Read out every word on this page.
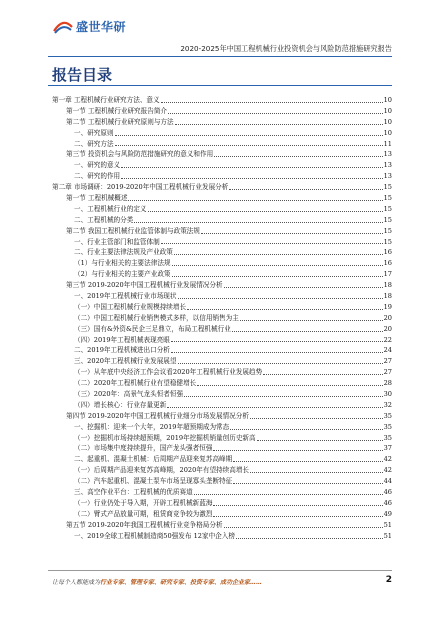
盛世华研
2020-2025年中国工程机械行业投资机会与风险防范措施研究报告
报告目录
第一章 工程机械行业研究方法、意义	10
第一节 工程机械行业研究报告简介	10
第二节 工程机械行业研究原则与方法	10
一、研究原则	10
二、研究方法	11
第三节 投资机会与风险防范措施研究的意义和作用	13
一、研究的意义	13
二、研究的作用	13
第二章 市场调研：2019-2020年中国工程机械行业发展分析	15
第一节 工程机械概述	15
一、工程机械行业的定义	15
二、工程机械的分类	15
第二节 我国工程机械行业监管体制与政策法规	15
一、行业主管部门和监管体制	15
二、行业主要法律法规及产业政策	16
（1）与行业相关的主要法律法规	16
（2）与行业相关的主要产业政策	17
第三节 2019-2020年中国工程机械行业发展情况分析	18
一、2019年工程机械行业市场现状	18
（一）中国工程机械行业规模持续增长	19
（二）中国工程机械行业销售模式多样，以信用销售为主	20
（三）国有&外资&民企三足鼎立，布局工程机械行业	20
（四）2019年工程机械表现亮眼	22
二、2019年工程机械进出口分析	24
三、2020年工程机械行业发展展望	27
（一）从年底中央经济工作会议看2020年工程机械行业发展趋势	27
（二）2020年工程机械行业有望稳健增长	28
（三）2020年：高景气龙头恒者恒强	30
（四）增长核心：行业存量更新	32
第四节 2019-2020年中国工程机械行业细分市场发展情况分析	35
一、挖掘机：迎来一个大年，2019年超预期成为常态	35
（一）挖掘机市场持续超预期，2019年挖掘机销量创历史新高	35
（二）市场集中度持续提升，国产龙头强者恒强	37
二、起重机、混凝土机械：后周期产品迎来复苏高峰期	42
（一）后周期产品迎来复苏高峰期，2020年有望持续高增长	42
（二）汽车起重机、混凝土泵车市场呈现寡头垄断特征	44
三、高空作业平台：工程机械的优质赛道	46
（一）行业仍处于导入期，开辟工程机械新蓝海	46
（二）臂式产品放量可期，租赁商竞争较为激烈	49
第五节 2019-2020年我国工程机械行业竞争格局分析	51
一、2019全球工程机械制造商50强发布 12家中企入榜	51
让每个人都能成为行业专家、管理专家、研究专家、投资专家、成功企业家……	2
